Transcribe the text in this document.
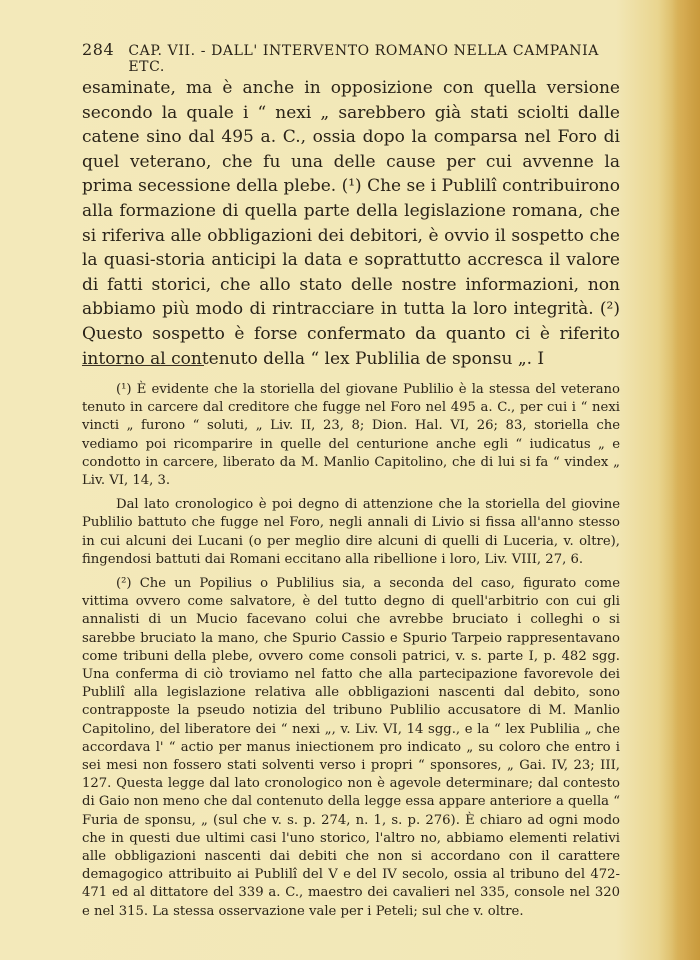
284 CAP. VII. - DALL' INTERVENTO ROMANO NELLA CAMPANIA ETC.

esaminate, ma è anche in opposizione con quella versione secondo la quale i “ nexi „ sarebbero già stati sciolti dalle catene sino dal 495 a. C., ossia dopo la comparsa nel Foro di quel veterano, che fu una delle cause per cui avvenne la prima secessione della plebe. (¹) Che se i Publilî contribuirono alla formazione di quella parte della legislazione romana, che si riferiva alle obbligazioni dei debitori, è ovvio il sospetto che la quasi-storia anticipi la data e soprattutto accresca il valore di fatti storici, che allo stato delle nostre informazioni, non abbiamo più modo di rintracciare in tutta la loro integrità. (²) Questo sospetto è forse confermato da quanto ci è riferito intorno al contenuto della “ lex Publilia de sponsu „. I

(¹) È evidente che la storiella del giovane Publilio è la stessa del veterano tenuto in carcere dal creditore che fugge nel Foro nel 495 a. C., per cui i “ nexi vincti „ furono “ soluti, „ Liv. II, 23, 8; Dion. Hal. VI, 26; 83, storiella che vediamo poi ricomparire in quelle del centurione anche egli “ iudicatus „ e condotto in carcere, liberato da M. Manlio Capitolino, che di lui si fa “ vindex „ Liv. VI, 14, 3.

Dal lato cronologico è poi degno di attenzione che la storiella del giovine Publilio battuto che fugge nel Foro, negli annali di Livio si fissa all'anno stesso in cui alcuni dei Lucani (o per meglio dire alcuni di quelli di Luceria, v. oltre), fingendosi battuti dai Romani eccitano alla ribellione i loro, Liv. VIII, 27, 6.

(²) Che un Popilius o Publilius sia, a seconda del caso, figurato come vittima ovvero come salvatore, è del tutto degno di quell'arbitrio con cui gli annalisti di un Mucio facevano colui che avrebbe bruciato i colleghi o si sarebbe bruciato la mano, che Spurio Cassio e Spurio Tarpeio rappresentavano come tribuni della plebe, ovvero come consoli patrici, v. s. parte I, p. 482 sgg. Una conferma di ciò troviamo nel fatto che alla partecipazione favorevole dei Publilî alla legislazione relativa alle obbligazioni nascenti dal debito, sono contrapposte la pseudo notizia del tribuno Publilio accusatore di M. Manlio Capitolino, del liberatore dei “ nexi „, v. Liv. VI, 14 sgg., e la “ lex Publilia „ che accordava l' “ actio per manus iniectionem pro indicato „ su coloro che entro i sei mesi non fossero stati solventi verso i propri “ sponsores, „ Gai. IV, 23; III, 127. Questa legge dal lato cronologico non è agevole determinare; dal contesto di Gaio non meno che dal contenuto della legge essa appare anteriore a quella “ Furia de sponsu, „ (sul che v. s. p. 274, n. 1, s. p. 276). È chiaro ad ogni modo che in questi due ultimi casi l'uno storico, l'altro no, abbiamo elementi relativi alle obbligazioni nascenti dai debiti che non si accordano con il carattere demagogico attribuito ai Publilî del V e del IV secolo, ossia al tribuno del 472-471 ed al dittatore del 339 a. C., maestro dei cavalieri nel 335, console nel 320 e nel 315. La stessa osservazione vale per i Peteli; sul che v. oltre.
